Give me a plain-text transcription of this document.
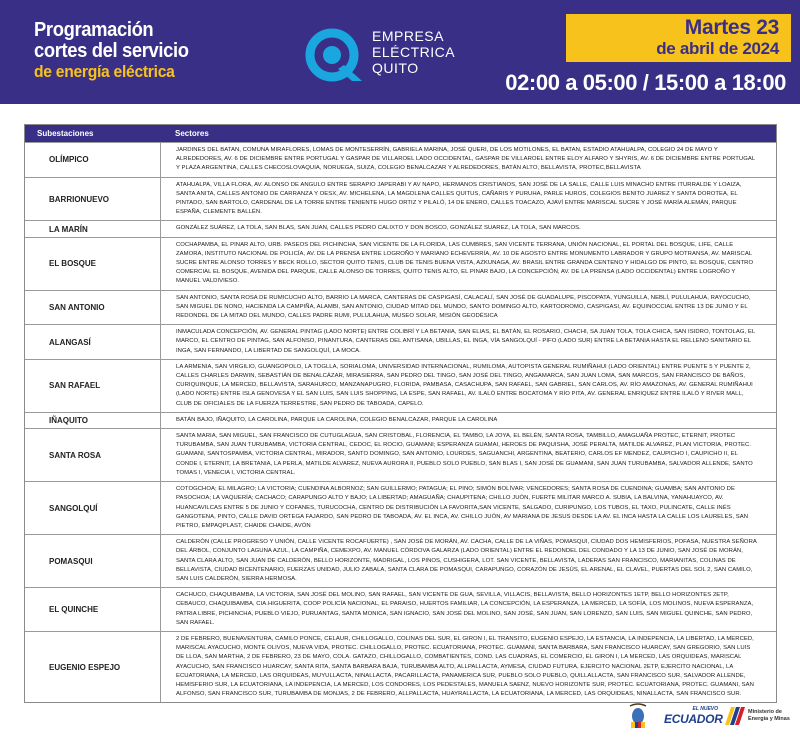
Programación
cortes del servicio
de energía eléctrica
EMPRESA
ELÉCTRICA
QUITO
Martes 23
de abril de 2024
02:00 a 05:00 / 15:00 a 18:00
Subestaciones	Sectores
OLÍMPICO
JARDINES DEL BATAN, COMUNA MIRAFLORES, LOMAS DE MONTESERRÍN, GABRIELA MARINA, JOSÉ QUERI, DE LOS MOTILONES, EL BATAN, ESTADIO ATAHUALPA, COLEGIO 24 DE MAYO Y ALREDEDORES, AV. 6 DE DICIEMBRE ENTRE PORTUGAL Y GASPAR DE VILLAROEL LADO OCCIDENTAL, GASPAR DE VILLAROEL ENTRE ELOY ALFARO Y SHYRIS, AV. 6 DE DICIEMBRE ENTRE PORTUGAL Y PLAZA ARGENTINA, CALLES CHECOSLOVAQUIA, NORUEGA, SUIZA, COLEGIO BENALCAZAR Y ALREDEDORES, BATÁN ALTO, BELLAVISTA, PROTEC,BELLAVISTA
BARRIONUEVO
ATAHUALPA, VILLA FLORA, AV. ALONSO DE ANGULO ENTRE SERAPIO JAPERABI Y AV NAPO, HERMANOS CRISTIANOS, SAN JOSÉ DE LA SALLE, CALLE LUIS MINACHO ENTRE ITURRALDE Y LOAIZA, SANTA ANITA, CALLES ANTONIO DE CARRANZA Y OESX, AV. MICHELENA, LA MAGDLENA CALLES QUITUS, CAÑARIS Y PURUHA, PARLE HUROS, COLEGIOS BENITO JUAREZ Y SANTA DOROTEA, EL PINTADO, SAN BARTOLO, CARDENAL DE LA TORRE ENTRE TENIENTE HUGO ORTIZ Y PILALÓ, 14 DE ENERO, CALLES TOACAZO, AJAVÍ ENTRE MARISCAL SUCRE Y JOSÉ MARÍA ALEMÁN, PARQUE ESPAÑA, CLEMENTE BALLÉN.
LA MARÍN	GONZÁLEZ SUÁREZ, LA TOLA, SAN BLAS, SAN JUAN, CALLES PEDRO CALIXTO Y DON BOSCO, GONZÁLEZ SUAREZ, LA TOLA, SAN MARCOS.
EL BOSQUE
COCHAPAMBA, EL PINAR ALTO, URB. PASEOS DEL PICHINCHA, SAN VICENTE DE LA FLORIDA, LAS CUMBRES, SAN VICENTE TERRANA, UNIÓN NACIONAL, EL PORTAL DEL BOSQUE, LIFE, CALLE ZAMORA, INSTITUTO NACIONAL DE POLICÍA, AV. DE LA PRENSA ENTRE LOGROÑO Y MARIANO ECHEVERRÍA, AV. 10 DE AGOSTO ENTRE MONUMENTO LABRADOR Y GRUPO MOTRANSA, AV. MARISCAL SUCRE ENTRE ALONSO TORRES Y BECK ROLLO, SECTOR QUITO TENIS, CLUB DE TENIS BUENA VISTA, AZKUNAGA, AV. BRASIL ENTRE GRANDA CENTENO Y HIDALGO DE PINTO, EL BOSQUE, CENTRO COMERCIAL EL BOSQUE, AVENIDA DEL PARQUE, CALLE ALONSO DE TORRES, QUITO TENIS ALTO, EL PINAR BAJO, LA CONCEPCIÓN, AV. DE LA PRENSA (LADO OCCIDENTAL) ENTRE LOGROÑO Y MANUEL VALDIVIESO.
SAN ANTONIO
SAN ANTONIO, SANTA ROSA DE RUMICUCHO ALTO, BARRIO LA MARCA, CANTERAS DE CASPIGASÍ, CALACALÍ, SAN JOSÉ DE GUADALUPE, PISCOPATA, YUNGUILLA, NEBLÍ, PULULAHUA, RAYOCUCHO, SAN MIGUEL DE NONO, HACIENDA LA CAMPIÑA, ALAMBI, SAN ANTONIO, CIUDAD MITAD DEL MUNDO, SANTO DOMINGO ALTO, KARTODROMO, CASPIGASI, AV. EQUINOCCIAL ENTRE 13 DE JUNIO Y EL REDONDEL DE LA MITAD DEL MUNDO, CALLES PADRE RUMI, PULULAHUA, MUSEO SOLAR, MISIÓN GEODÉSICA
ALANGASÍ
INMACULADA CONCEPCIÓN, AV. GENERAL PINTAG (LADO NORTE) ENTRE COLIBRÍ Y LA BETANIA, SAN ELIAS, EL BATÁN, EL ROSARIO, CHACHI, SA JUAN TOLA, TOLA CHICA, SAN ISIDRO, TONTOLAG, EL MARCO, EL CENTRO DE PINTAG, SAN ALFONSO, PINANTURA, CANTERAS DEL ANTISANA, UBILLAS, EL INGA, VÍA SANGOLQUÍ - PIFO (LADO SUR) ENTRE LA BETANIA HASTA EL RELLENO SANITARIO EL INGA, SAN FERNANDO, LA LIBERTAD DE SANGOLQUÍ, LA MOCA.
SAN RAFAEL
LA ARMENIA, SAN VIRGILIO, GUANGOPOLO, LA TOGLLA, SORIALOMA, UNIVERSIDAD INTERNACIONAL, RUMILOMA, AUTOPISTA GENERAL RUMIÑAHUI (LADO ORIENTAL) ENTRE PUENTE 5 Y PUENTE 2, CALLES CHARLES DARWIN, SEBASTIÁN DE BENALCÁZAR, MIRASIERRA, SAN PEDRO DEL TINGO, SAN JOSÉ DEL TINGO, ANGAMARCA, SAN JUAN LOMA, SAN MARCOS, SAN FRANCISCO DE BAÑOS, CURIQUINQUE, LA MERCED, BELLAVISTA, SARAHURCO, MANZANAPUGRO, FLORIDA, PAMBASA, CASACHUPA, SAN RAFAEL, SAN GABRIEL, SAN CARLOS, AV. RÍO AMAZONAS, AV. GENERAL RUMIÑAHUI (LADO NORTE) ENTRE ISLA GENOVESA Y EL SAN LUIS, SAN LUIS SHOPPING, LA ESPE, SAN RAFAEL, AV. ILALÓ ENTRE BOCATOMA Y RÍO PITA, AV. GENERAL ENRIQUEZ ENTRE ILALÓ Y RIVER MALL, CLUB DE OFICIALES DE LA FUERZA TERRESTRE, SAN PEDRO DE TABOADA, CAPELO.
IÑAQUITO	BATÁN BAJO, IÑAQUITO, LA CAROLINA, PARQUE LA CAROLINA, COLEGIO BENALCAZAR, PARQUE LA CAROLINA
SANTA ROSA
SANTA MARIA, SAN MIGUEL, SAN FRANCISCO DE CUTUGLAGUA, SAN CRISTOBAL, FLORENCIA, EL TAMBO, LA JOYA, EL BELÉN, SANTA ROSA, TAMBILLO, AMAGUAÑA PROTEC, ETERNIT, PROTEC TURUBAMBA, SAN JUAN TURUBAMBA, VICTORIA CENTRAL, CEDOC, EL ROCIO, GUAMANI; ESPERANZA GUAMAI, HEROES DE PAQUISHA, JOSÉ PERALTA, MATILDE ALVAREZ, PLAN VICTORIA, PROTEC. GUAMANI, SANTOSPAMBA, VICTORIA CENTRAL, MIRADOR, SANTO DOMINGO, SAN ANTONIO, LOURDES, SAGUANCHI, ARGENTINA, BEATERIO, CARLOS EF MENDEZ, CAUPICHO I, CAUPICHO II, EL CONDE I, ETERNIT, LA BRETANIA, LA PERLA, MATILDE ALVAREZ, NUEVA AURORA II, PUEBLO SOLO PUEBLO, SAN BLAS I, SAN JOSÉ DE GUAMANI, SAN JUAN TURUBAMBA, SALVADOR ALLENDE, SANTO TOMAS I, VENECIA I, VICTORIA CENTRAL.
SANGOLQUÍ
COTOGCHOA; EL MILAGRO; LA VICTORIA; CUENDINA ALBORNOZ; SAN GUILLERMO; PATAGUA; EL PINO; SIMÓN BOLÍVAR; VENCEDORES; SANTA ROSA DE CUENDINA; GUAMBA; SAN ANTONIO DE PASOCHOA; LA VAQUERÍA; CACHACO; CARAPUNGO ALTO Y BAJO; LA LIBERTAD; AMAGUAÑA; CHAUPITENA; CHILLO JUÓN, FUERTE MILITAR MARCO A. SUBIA, LA BALVINA, YANAHUAYCO, AV. HUANCAVILCAS ENTRE 5 DE JUNIO Y COFANES, TURUCOCHA, CENTRO DE DISTRIBUCIÓN LA FAVORITA,SAN VICENTE, SALGADO, CURIPUNGO, LOS TUBOS, EL TAXO, PULINCATE, CALLE INÉS GANGOTENA, PINTO, CALLE DAVID ORTEGA FAJARDO, SAN PEDRO DE TABOADA, AV. EL INCA, AV. CHILLO JUÓN, AV MARIANA DE JESUS DESDE LA AV. EL INCA HASTA LA CALLE LOS LAURELES, SAN PIETRO, EMPAQPLAST, CHAIDE CHAIDE, AVÓN
POMASQUI
CALDERÓN (CALLE PROGRESO Y UNIÓN, CALLE VICENTE ROCAFUERTE) , SAN JOSÉ DE MORÁN, AV. CACHA, CALLE DE LA VIÑAS, POMASQUI, CIUDAD DOS HEMISFERIOS, POFASA, NUESTRA SEÑORA DEL ÁRBOL, CONJUNTO LAGUNA AZUL, LA CAMPIÑA, CEMEXPO, AV. MANUEL CÓRDOVA GALARZA (LADO ORIENTAL) ENTRE EL REDONDEL DEL CONDADO Y LA 13 DE JUNIO, SAN JOSÉ DE MORÁN, SANTA CLARA ALTO, SAN JUAN DE CALDERÓN, BELLO HORIZONTE, MADRIGAL, LOS PINOS, CUSHIGERA, LOT. SAN VICENTE, BELLAVISTA, LADERAS SAN FRANCISCO, MARIANITAS, COLINAS DE BELLAVISTA, CIUDAD BICENTENARIO, FUERZAS UNIDAD, JULIO ZABALA, SANTA CLARA DE POMASQUI, CARAPUNGO, CORAZÓN DE JESÚS, EL ARENAL, EL CLAVEL, PUERTAS DEL SOL 2, SAN CAMILO, SAN LUIS CALDERÓN, SIERRA HERMOSA.
EL QUINCHE
CACHUCO, CHAQUIBAMBA, LA VICTORIA, SAN JOSÉ DEL MOLINO, SAN RAFAEL, SAN VICENTE DE GUA, SEVILLA, VILLACIS, BELLAVISTA, BELLO HORIZONTES 1ETP, BELLO HORIZONTES 2ETP, CEBAUCO, CHAQUIBAMBA, CIA.HIGUERITA, COOP POLICÍA NACIONAL, EL PARAISO, HUERTOS FAMILIAR, LA CONCEPCIÓN, LA ESPERANZA, LA MERCED, LA SOFÍA, LOS MOLINOS, NUEVA ESPERANZA, PATRIA LIBRE, PICHINCHA, PUEBLO VIEJO, PURUANTAG, SANTA MONICA, SAN IGNACIO, SAN JOSÉ DEL MOLINO, SAN JOSÉ, SAN JUAN, SAN LORENZO, SAN LUIS, SAN MIGUEL QUINCHE, SAN PEDRO, SAN RAFAEL.
EUGENIO ESPEJO
2 DE FEBRERO, BUENAVENTURA, CAMILO PONCE, CELAUR, CHILLOGALLO, COLINAS DEL SUR, EL GIRON I, EL TRANSITO, EUGENIO ESPEJO, LA ESTANCIA, LA INDEPENCIA, LA LIBERTAD, LA MERCED, MARISCAL AYACUCHO, MONTE OLIVOS, NUEVA VIDA, PROTEC. CHILLOGALLO, PROTEC. ECUATORIANA, PROTEC. GUAMANI, SANTA BARBARA, SAN FRANCISCO HUARCAY, SAN GREGORIO, SAN LUIS DE LLOA, SAN MARTHA, 2 DE FEBRERO, 23 DE MAYO, COLA. GATAZO, CHILLOGALLO, COMBATIENTES, COND. LAS CUADRAS, EL COMERCIO, EL GIRON I, LA MERCED, LAS ORQUIDEAS, MARISCAL AYACUCHO, SAN FRANCISCO HUARCAY, SANTA RITA, SANTA BARBARA BAJA, TURUBAMBA ALTO, ALLPALLACTA, AYMESA, CIUDAD FUTURA, EJERCITO NACIONAL 2ETP, EJERCITO NACIONAL, LA ECUATORIANA, LA MERCED, LAS ORQUIDEAS, MUYULLACTA, NINALLACTA, PACARILLACTA, PANAMERICA SUR, PUEBLO SOLO PUEBLO, QUILLALLACTA, SAN FRANCISCO SUR, SALVADOR ALLENDE, HEMISFERIO SUR, LA ECUATORIANA, LA INDEPENCIA, LA MERCED, LOS CONDORES, LOS PEDESTALES, MANUELA SAENZ, NUEVO HORIZONTE SUR, PROTEC. ECUATORIANA, PROTEC. GUAMANI, SAN ALFONSO, SAN FRANCISCO SUR, TURUBAMBA DE MONJAS, 2 DE FEBRERO, ALLPALLACTA, HUAYRALLACTA, LA ECUATORIANA, LA MERCED, LAS ORQUIDEAS, NINALLACTA, SAN FRANCISCO SUR.
EL NUEVO
ECUADOR	Ministerio de
Energía y Minas
